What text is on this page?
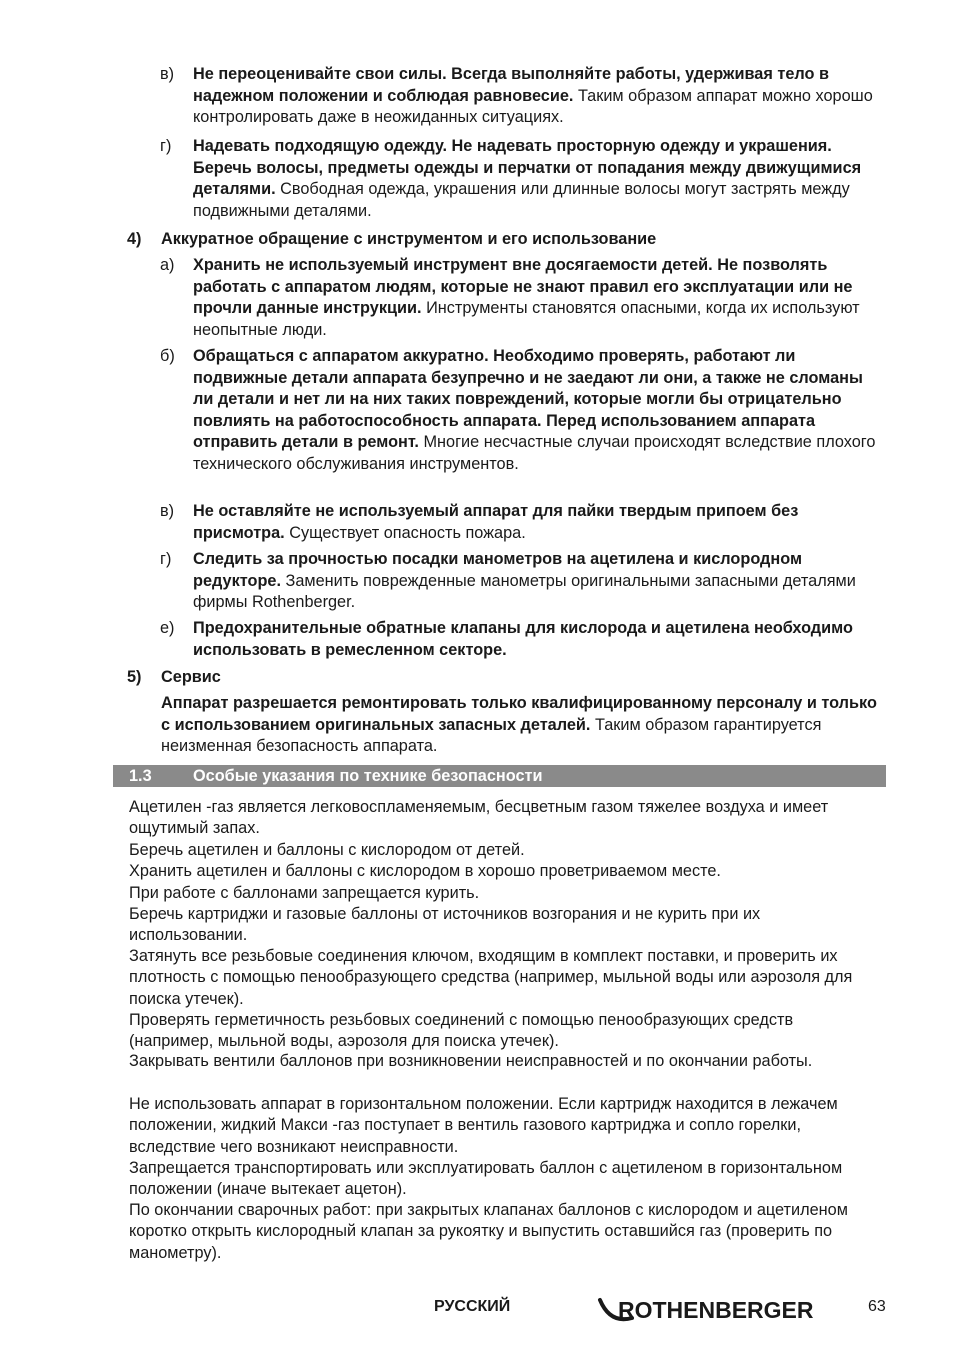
в) Не переоценивайте свои силы. Всегда выполняйте работы, удерживая тело в надежном положении и соблюдая равновесие. Таким образом аппарат можно хорошо контролировать даже в неожиданных ситуациях.
г) Надевать подходящую одежду. Не надевать просторную одежду и украшения. Беречь волосы, предметы одежды и перчатки от попадания между движущимися деталями. Свободная одежда, украшения или длинные волосы могут застрять между подвижными деталями.
4) Аккуратное обращение с инструментом и его использование
а) Хранить не используемый инструмент вне досягаемости детей. Не позволять работать с аппаратом людям, которые не знают правил его эксплуатации или не прочли данные инструкции. Инструменты становятся опасными, когда их используют неопытные люди.
б) Обращаться с аппаратом аккуратно. Необходимо проверять, работают ли подвижные детали аппарата безупречно и не заедают ли они, а также не сломаны ли детали и нет ли на них таких повреждений, которые могли бы отрицательно повлиять на работоспособность аппарата. Перед использованием аппарата отправить детали в ремонт. Многие несчастные случаи происходят вследствие плохого технического обслуживания инструментов.
в) Не оставляйте не используемый аппарат для пайки твердым припоем без присмотра. Существует опасность пожара.
г) Следить за прочностью посадки манометров на ацетилена и кислородном редукторе. Заменить поврежденные манометры оригинальными запасными деталями фирмы Rothenberger.
е) Предохранительные обратные клапаны для кислорода и ацетилена необходимо использовать в ремесленном секторе.
5) Сервис
Аппарат разрешается ремонтировать только квалифицированному персоналу и только с использованием оригинальных запасных деталей. Таким образом гарантируется неизменная безопасность аппарата.
1.3	Особые указания по технике безопасности
Ацетилен -газ является легковоспламеняемым, бесцветным газом тяжелее воздуха и имеет ощутимый запах.
Беречь ацетилен и баллоны с кислородом от детей.
Хранить ацетилен и баллоны с кислородом в хорошо проветриваемом месте.
При работе с баллонами запрещается курить.
Беречь картриджи и газовые баллоны от источников возгорания и не курить при их использовании.
Затянуть все резьбовые соединения ключом, входящим в комплект поставки, и проверить их плотность с помощью пенообразующего средства (например, мыльной воды или аэрозоля для поиска утечек).
Проверять герметичность резьбовых соединений с помощью пенообразующих средств (например, мыльной воды, аэрозоля для поиска утечек).
Закрывать вентили баллонов при возникновении неисправностей и по окончании работы.
Не использовать аппарат в горизонтальном положении. Если картридж находится в лежачем положении, жидкий Макси -газ поступает в вентиль газового картриджа и сопло горелки, вследствие чего возникают неисправности.
Запрещается транспортировать или эксплуатировать баллон с ацетиленом в горизонтальном положении (иначе вытекает ацетон).
По окончании сварочных работ: при закрытых клапанах баллонов с кислородом и ацетиленом коротко открыть кислородный клапан за рукоятку и выпустить оставшийся газ (проверить по манометру).
РУССКИЙ	ROTHENBERGER	63
